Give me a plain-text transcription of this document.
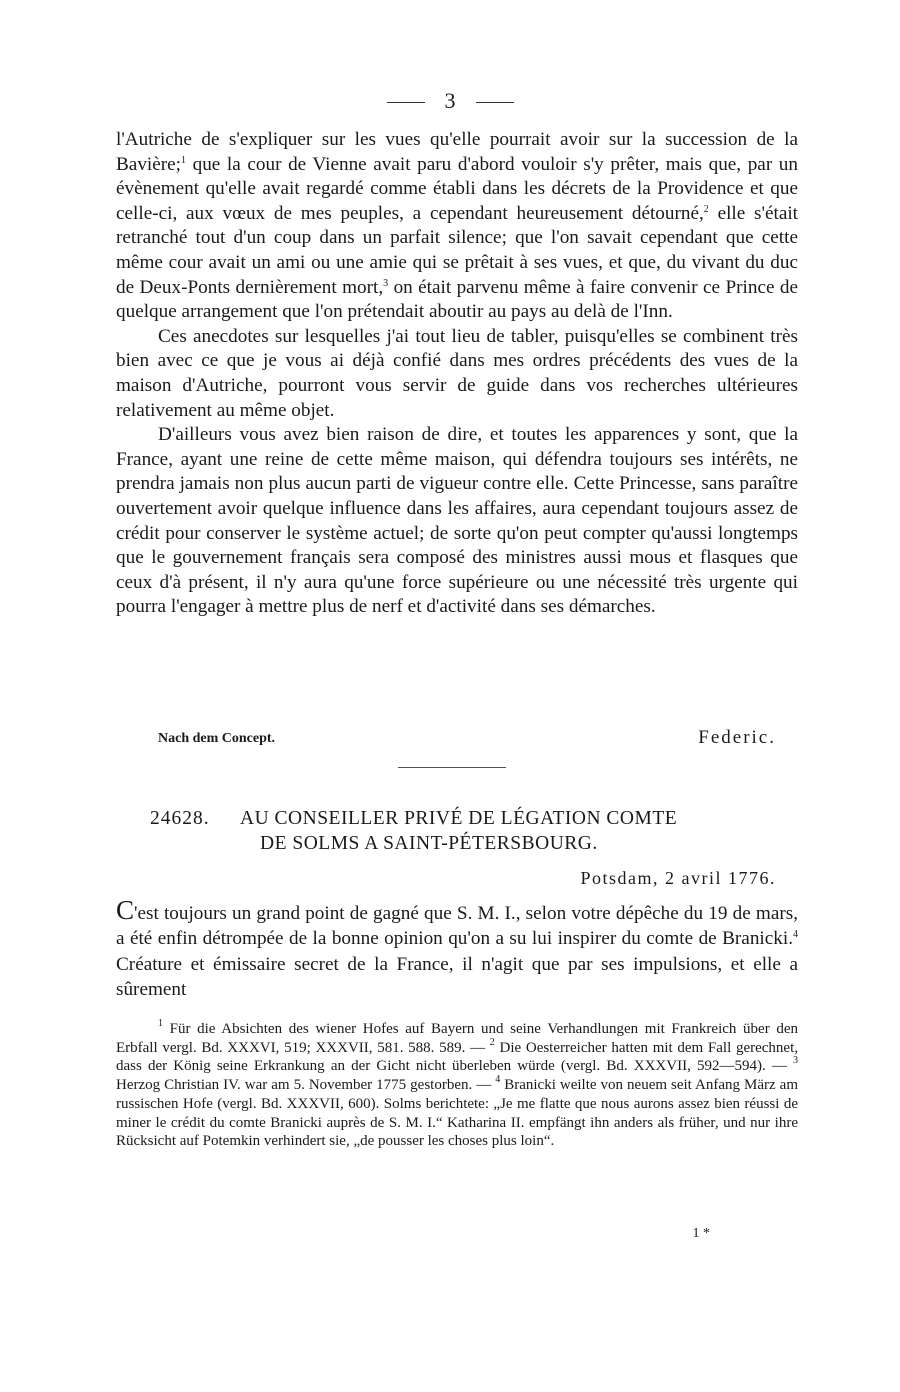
3

l'Autriche de s'expliquer sur les vues qu'elle pourrait avoir sur la succession de la Bavière;$^1$ que la cour de Vienne avait paru d'abord vouloir s'y prêter, mais que, par un évènement qu'elle avait regardé comme établi dans les décrets de la Providence et que celle-ci, aux vœux de mes peuples, a cependant heureusement détourné,$^2$ elle s'était retranché tout d'un coup dans un parfait silence; que l'on savait cependant que cette même cour avait un ami ou une amie qui se prêtait à ses vues, et que, du vivant du duc de Deux-Ponts dernièrement mort,$^3$ on était parvenu même à faire convenir ce Prince de quelque arrangement que l'on prétendait aboutir au pays au delà de l'Inn.

Ces anecdotes sur lesquelles j'ai tout lieu de tabler, puisqu'elles se combinent très bien avec ce que je vous ai déjà confié dans mes ordres précédents des vues de la maison d'Autriche, pourront vous servir de guide dans vos recherches ultérieures relativement au même objet.

D'ailleurs vous avez bien raison de dire, et toutes les apparences y sont, que la France, ayant une reine de cette même maison, qui défendra toujours ses intérêts, ne prendra jamais non plus aucun parti de vigueur contre elle. Cette Princesse, sans paraître ouvertement avoir quelque influence dans les affaires, aura cependant toujours assez de crédit pour conserver le système actuel; de sorte qu'on peut compter qu'aussi longtemps que le gouvernement français sera composé des ministres aussi mous et flasques que ceux d'à présent, il n'y aura qu'une force supérieure ou une nécessité très urgente qui pourra l'engager à mettre plus de nerf et d'activité dans ses démarches.

Nach dem Concept.	Federic.
24628. AU CONSEILLER PRIVÉ DE LÉGATION COMTE
DE SOLMS A SAINT-PÉTERSBOURG.
Potsdam, 2 avril 1776.
C'est toujours un grand point de gagné que S. M. I., selon votre dépêche du 19 de mars, a été enfin détrompée de la bonne opinion qu'on a su lui inspirer du comte de Branicki.$^4$ Créature et émissaire secret de la France, il n'agit que par ses impulsions, et elle a sûrement

$^1$ Für die Absichten des wiener Hofes auf Bayern und seine Verhandlungen mit Frankreich über den Erbfall vergl. Bd. XXXVI, 519; XXXVII, 581. 588. 589. — $^2$ Die Oesterreicher hatten mit dem Fall gerechnet, dass der König seine Erkrankung an der Gicht nicht überleben würde (vergl. Bd. XXXVII, 592—594). — $^3$ Herzog Christian IV. war am 5. November 1775 gestorben. — $^4$ Branicki weilte von neuem seit Anfang März am russischen Hofe (vergl. Bd. XXXVII, 600). Solms berichtete: „Je me flatte que nous aurons assez bien réussi de miner le crédit du comte Branicki auprès de S. M. I.“ Katharina II. empfängt ihn anders als früher, und nur ihre Rücksicht auf Potemkin verhindert sie, „de pousser les choses plus loin“.

1 *
